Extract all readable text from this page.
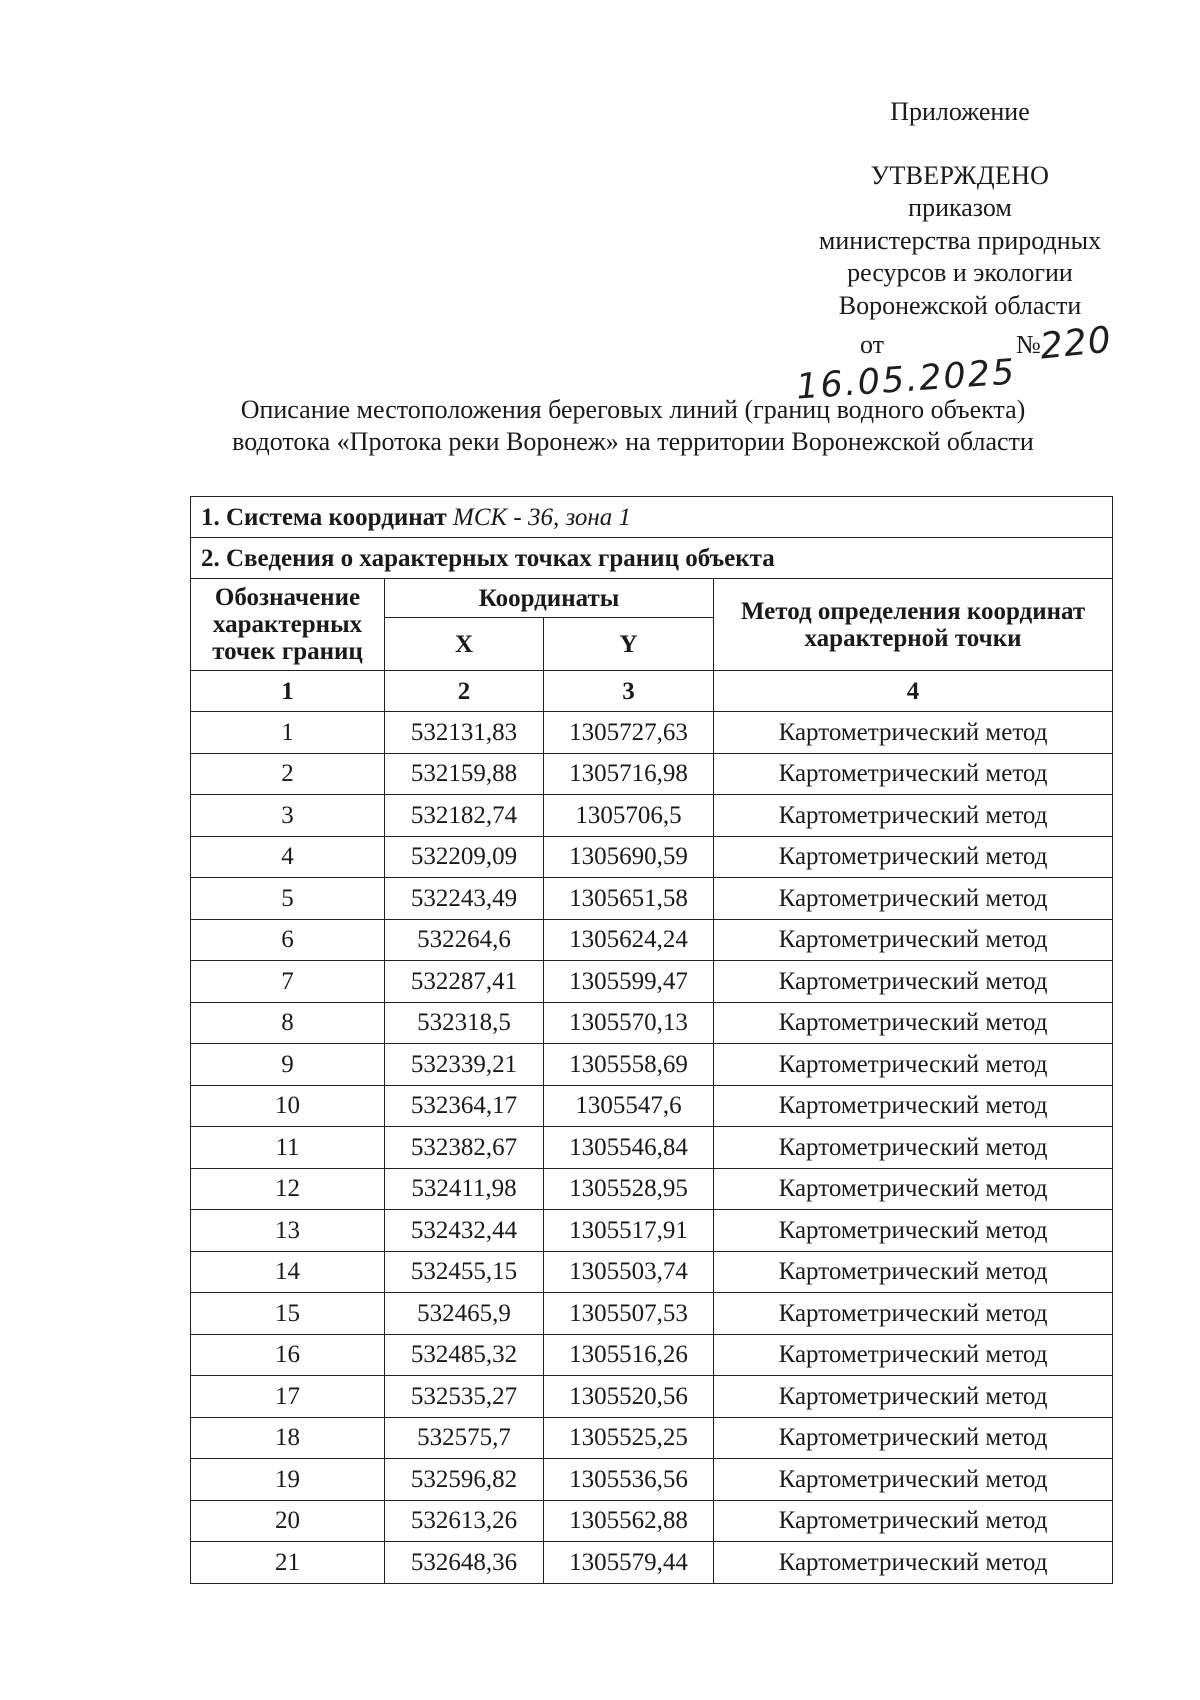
Приложение
УТВЕРЖДЕНО
приказом
министерства природных
ресурсов и экологии
Воронежской области
от	№
220
16.05.2025
Описание местоположения береговых линий (границ водного объекта)
водотока «Протока реки Воронеж» на территории Воронежской области
1. Система координат МСК - 36, зона 1			
2. Сведения о характерных точках границ объекта			
Обозначение характерных точек границ	Координаты		Метод определения координат характерной точки
	X	Y	
1	2	3	4
1	532131,83	1305727,63	Картометрический метод
2	532159,88	1305716,98	Картометрический метод
3	532182,74	1305706,5	Картометрический метод
4	532209,09	1305690,59	Картометрический метод
5	532243,49	1305651,58	Картометрический метод
6	532264,6	1305624,24	Картометрический метод
7	532287,41	1305599,47	Картометрический метод
8	532318,5	1305570,13	Картометрический метод
9	532339,21	1305558,69	Картометрический метод
10	532364,17	1305547,6	Картометрический метод
11	532382,67	1305546,84	Картометрический метод
12	532411,98	1305528,95	Картометрический метод
13	532432,44	1305517,91	Картометрический метод
14	532455,15	1305503,74	Картометрический метод
15	532465,9	1305507,53	Картометрический метод
16	532485,32	1305516,26	Картометрический метод
17	532535,27	1305520,56	Картометрический метод
18	532575,7	1305525,25	Картометрический метод
19	532596,82	1305536,56	Картометрический метод
20	532613,26	1305562,88	Картометрический метод
21	532648,36	1305579,44	Картометрический метод
